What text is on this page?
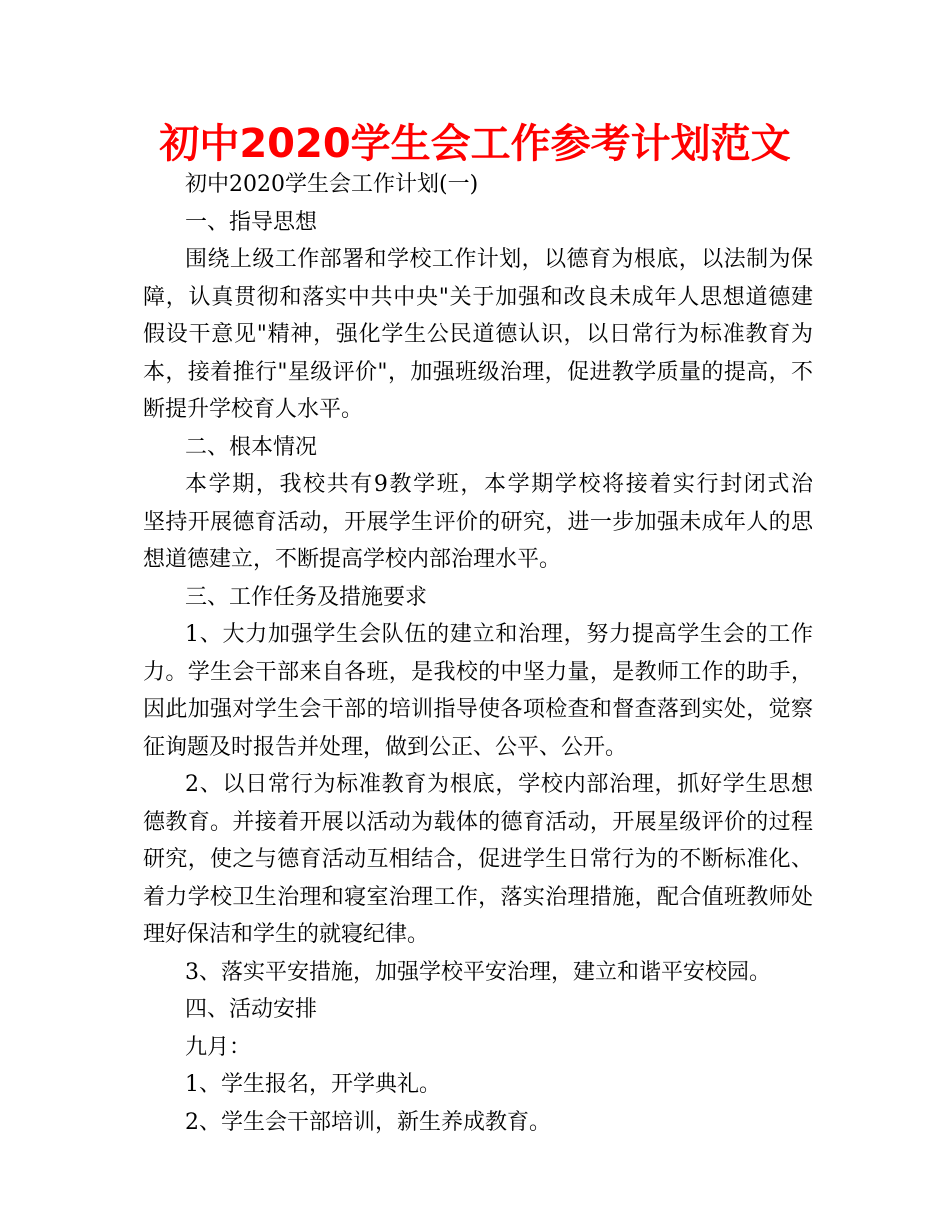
初中2020学生会工作参考计划范文
初中2020学生会工作计划(一)
一、指导思想
围绕上级工作部署和学校工作计划，以德育为根底，以法制为保
障，认真贯彻和落实中共中央"关于加强和改良未成年人思想道德建
假设干意见"精神，强化学生公民道德认识，以日常行为标准教育为
本，接着推行"星级评价"，加强班级治理，促进教学质量的提高，不
断提升学校育人水平。
二、根本情况
本学期，我校共有9教学班，本学期学校将接着实行封闭式治
坚持开展德育活动，开展学生评价的研究，进一步加强未成年人的思
想道德建立，不断提高学校内部治理水平。
三、工作任务及措施要求
1、大力加强学生会队伍的建立和治理，努力提高学生会的工作
力。学生会干部来自各班，是我校的中坚力量，是教师工作的助手，
因此加强对学生会干部的培训指导使各项检查和督查落到实处，觉察
征询题及时报告并处理，做到公正、公平、公开。
2、以日常行为标准教育为根底，学校内部治理，抓好学生思想
德教育。并接着开展以活动为载体的德育活动，开展星级评价的过程
研究，使之与德育活动互相结合，促进学生日常行为的不断标准化、
着力学校卫生治理和寝室治理工作，落实治理措施，配合值班教师处
理好保洁和学生的就寝纪律。
3、落实平安措施，加强学校平安治理，建立和谐平安校园。
四、活动安排
九月：
1、学生报名，开学典礼。
2、学生会干部培训，新生养成教育。
